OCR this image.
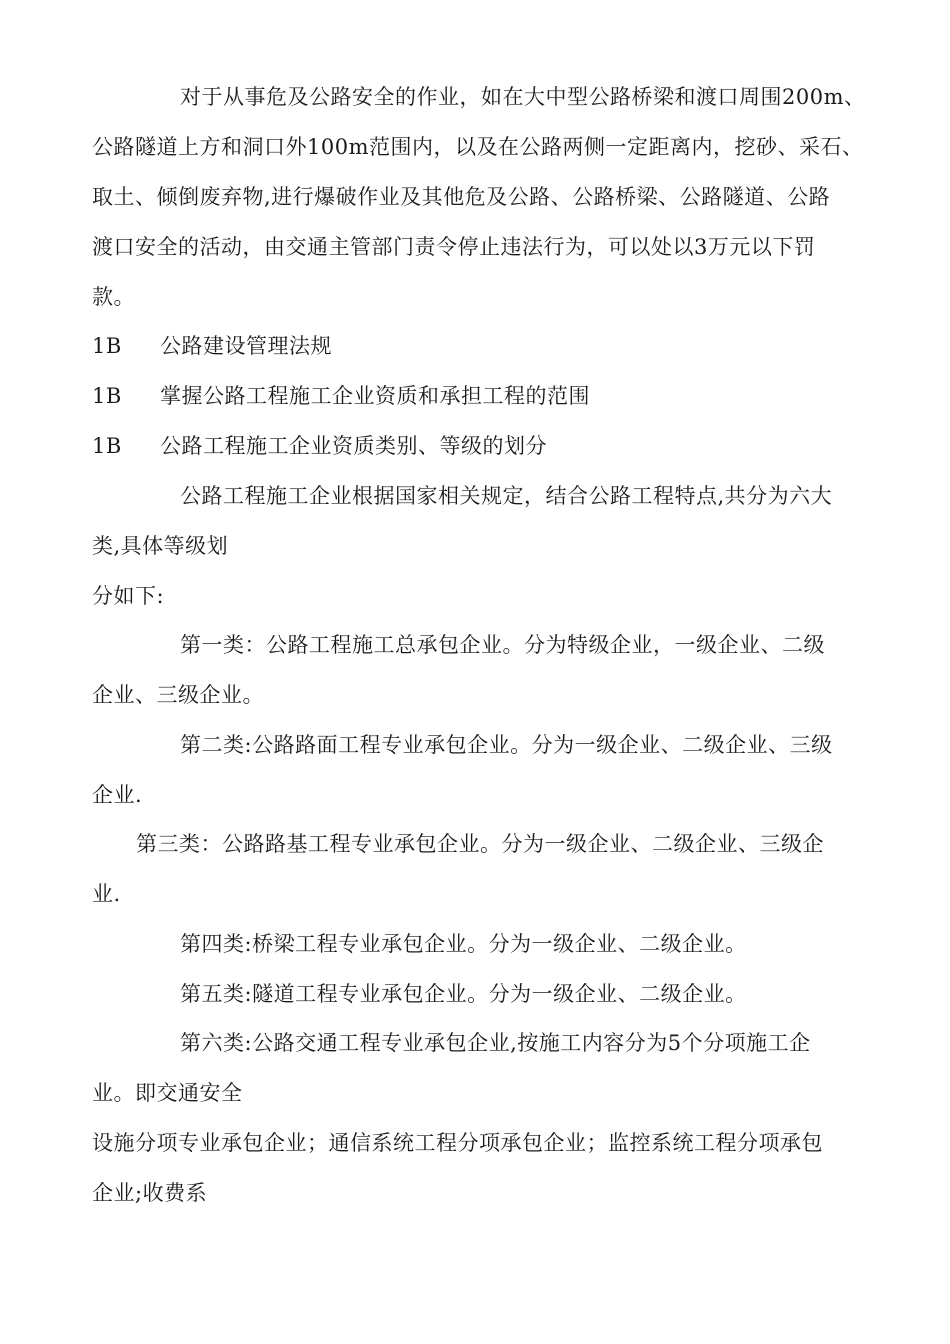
对于从事危及公路安全的作业，如在大中型公路桥梁和渡口周围200m、
公路隧道上方和洞口外100m范围内，以及在公路两侧一定距离内，挖砂、采石、
取土、倾倒废弃物,进行爆破作业及其他危及公路、公路桥梁、公路隧道、公路
渡口安全的活动，由交通主管部门责令停止违法行为，可以处以3万元以下罚
款。
1B 公路建设管理法规
1B 掌握公路工程施工企业资质和承担工程的范围
1B 公路工程施工企业资质类别、等级的划分
公路工程施工企业根据国家相关规定，结合公路工程特点,共分为六大
类,具体等级划
分如下:
第一类：公路工程施工总承包企业。分为特级企业，一级企业、二级
企业、三级企业。
第二类:公路路面工程专业承包企业。分为一级企业、二级企业、三级
企业.
第三类：公路路基工程专业承包企业。分为一级企业、二级企业、三级企
业.
第四类:桥梁工程专业承包企业。分为一级企业、二级企业。
第五类:隧道工程专业承包企业。分为一级企业、二级企业。
第六类:公路交通工程专业承包企业,按施工内容分为5个分项施工企
业。即交通安全
设施分项专业承包企业；通信系统工程分项承包企业；监控系统工程分项承包
企业;收费系
